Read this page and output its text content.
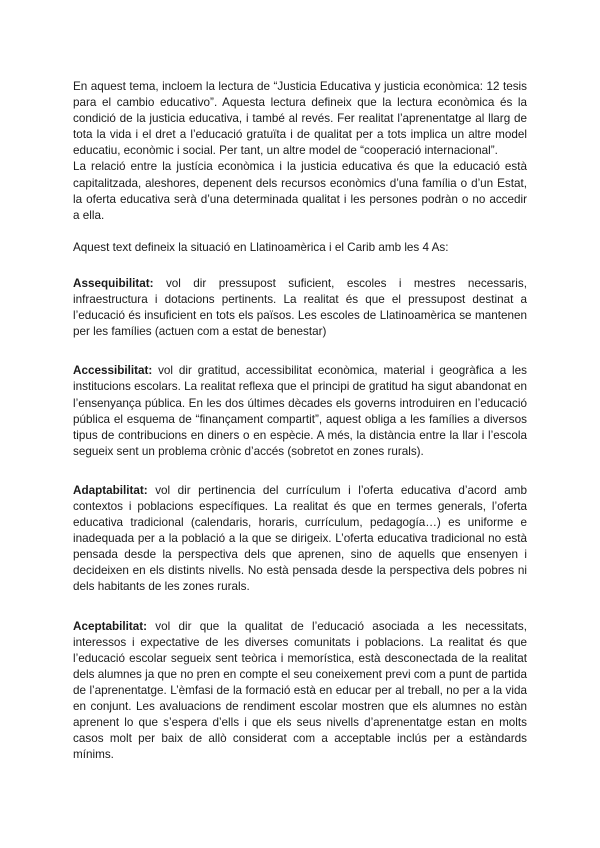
En aquest tema, incloem la lectura de “Justicia Educativa y justicia econòmica: 12 tesis para el cambio educativo”. Aquesta lectura defineix que la lectura econòmica és la condició de la justicia educativa, i també al revés. Fer realitat l’aprenentatge al llarg de tota la vida i el dret a l’educació gratuïta i de qualitat per a tots implica un altre model educatiu, econòmic i social. Per tant, un altre model de “cooperació internacional”.

La relació entre la justícia econòmica i la justicia educativa és que la educació està capitalitzada, aleshores, depenent dels recursos econòmics d’una família o d’un Estat, la oferta educativa serà d’una determinada qualitat i les persones podràn o no accedir a ella.

Aquest text defineix la situació en Llatinoamèrica i el Carib amb les 4 As:

Assequibilitat: vol dir pressupost suficient, escoles i mestres necessaris, infraestructura i dotacions pertinents. La realitat és que el pressupost destinat a l’educació és insuficient en tots els països. Les escoles de Llatinoamèrica se mantenen per les famílies (actuen com a estat de benestar)

Accessibilitat: vol dir gratitud, accessibilitat econòmica, material i geogràfica a les institucions escolars. La realitat reflexa que el principi de gratitud ha sigut abandonat en l’ensenyança pública. En les dos últimes dècades els governs introduiren en l’educació pública el esquema de “finançament compartit”, aquest obliga a les famílies a diversos tipus de contribucions en diners o en espècie. A més, la distància entre la llar i l’escola segueix sent un problema crònic d’accés (sobretot en zones rurals).

Adaptabilitat: vol dir pertinencia del currículum i l’oferta educativa d’acord amb contextos i poblacions específiques. La realitat és que en termes generals, l’oferta educativa tradicional (calendaris, horaris, currículum, pedagogía…) es uniforme e inadequada per a la població a la que se dirigeix. L’oferta educativa tradicional no està pensada desde la perspectiva dels que aprenen, sino de aquells que ensenyen i decideixen en els distints nivells. No està pensada desde la perspectiva dels pobres ni dels habitants de les zones rurals.

Aceptabilitat: vol dir que la qualitat de l’educació asociada a les necessitats, interessos i expectative de les diverses comunitats i poblacions. La realitat és que l’educació escolar segueix sent teòrica i memorística, està desconectada de la realitat dels alumnes ja que no pren en compte el seu coneixement previ com a punt de partida de l’aprenentatge. L’èmfasi de la formació està en educar per al treball, no per a la vida en conjunt. Les avaluacions de rendiment escolar mostren que els alumnes no estàn aprenent lo que s’espera d’ells i que els seus nivells d’aprenentatge estan en molts casos molt per baix de allò considerat com a acceptable inclús per a estàndards mínims.
